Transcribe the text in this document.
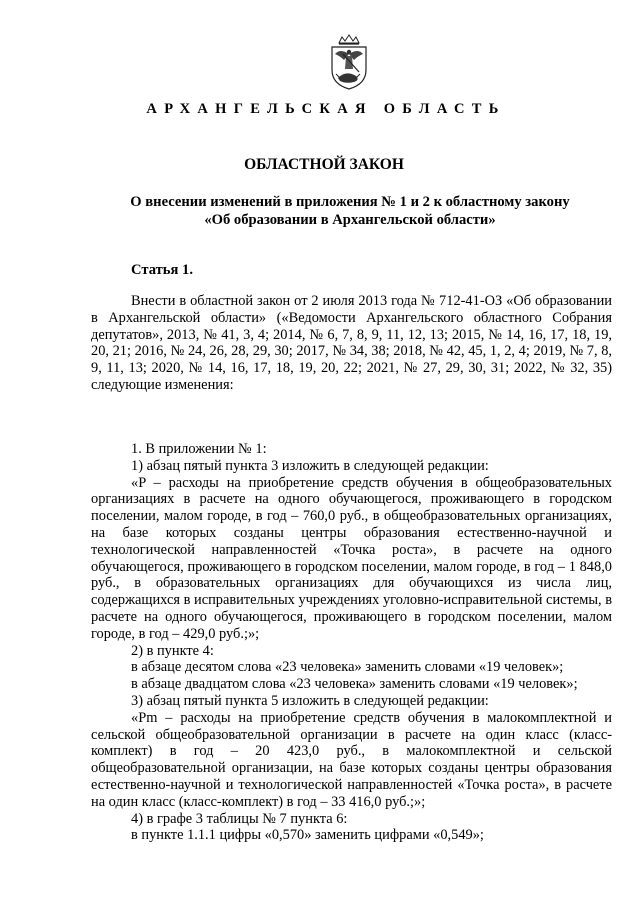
АРХАНГЕЛЬСКАЯ ОБЛАСТЬ
ОБЛАСТНОЙ ЗАКОН
О внесении изменений в приложения № 1 и 2 к областному закону
«Об образовании в Архангельской области»
Статья 1.

Внести в областной закон от 2 июля 2013 года № 712-41-ОЗ «Об образовании в Архангельской области» («Ведомости Архангельского областного Собрания депутатов», 2013, № 41, 3, 4; 2014, № 6, 7, 8, 9, 11, 12, 13; 2015, № 14, 16, 17, 18, 19, 20, 21; 2016, № 24, 26, 28, 29, 30; 2017, № 34, 38; 2018, № 42, 45, 1, 2, 4; 2019, № 7, 8, 9, 11, 13; 2020, № 14, 16, 17, 18, 19, 20, 22; 2021, № 27, 29, 30, 31; 2022, № 32, 35) следующие изменения:

1. В приложении № 1:

1) абзац пятый пункта 3 изложить в следующей редакции:

«P – расходы на приобретение средств обучения в общеобразовательных организациях в расчете на одного обучающегося, проживающего в городском поселении, малом городе, в год – 760,0 руб., в общеобразовательных организациях, на базе которых созданы центры образования естественно-научной и технологической направленностей «Точка роста», в расчете на одного обучающегося, проживающего в городском поселении, малом городе, в год – 1 848,0 руб., в образовательных организациях для обучающихся из числа лиц, содержащихся в исправительных учреждениях уголовно-исправительной системы, в расчете на одного обучающегося, проживающего в городском поселении, малом городе, в год – 429,0 руб.;»;

2) в пункте 4:

в абзаце десятом слова «23 человека» заменить словами «19 человек»;

в абзаце двадцатом слова «23 человека» заменить словами «19 человек»;

3) абзац пятый пункта 5 изложить в следующей редакции:

«Pm – расходы на приобретение средств обучения в малокомплектной и сельской общеобразовательной организации в расчете на один класс (класс-комплект) в год – 20 423,0 руб., в малокомплектной и сельской общеобразовательной организации, на базе которых созданы центры образования естественно-научной и технологической направленностей «Точка роста», в расчете на один класс (класс-комплект) в год – 33 416,0 руб.;»;

4) в графе 3 таблицы № 7 пункта 6:

в пункте 1.1.1 цифры «0,570» заменить цифрами «0,549»;
